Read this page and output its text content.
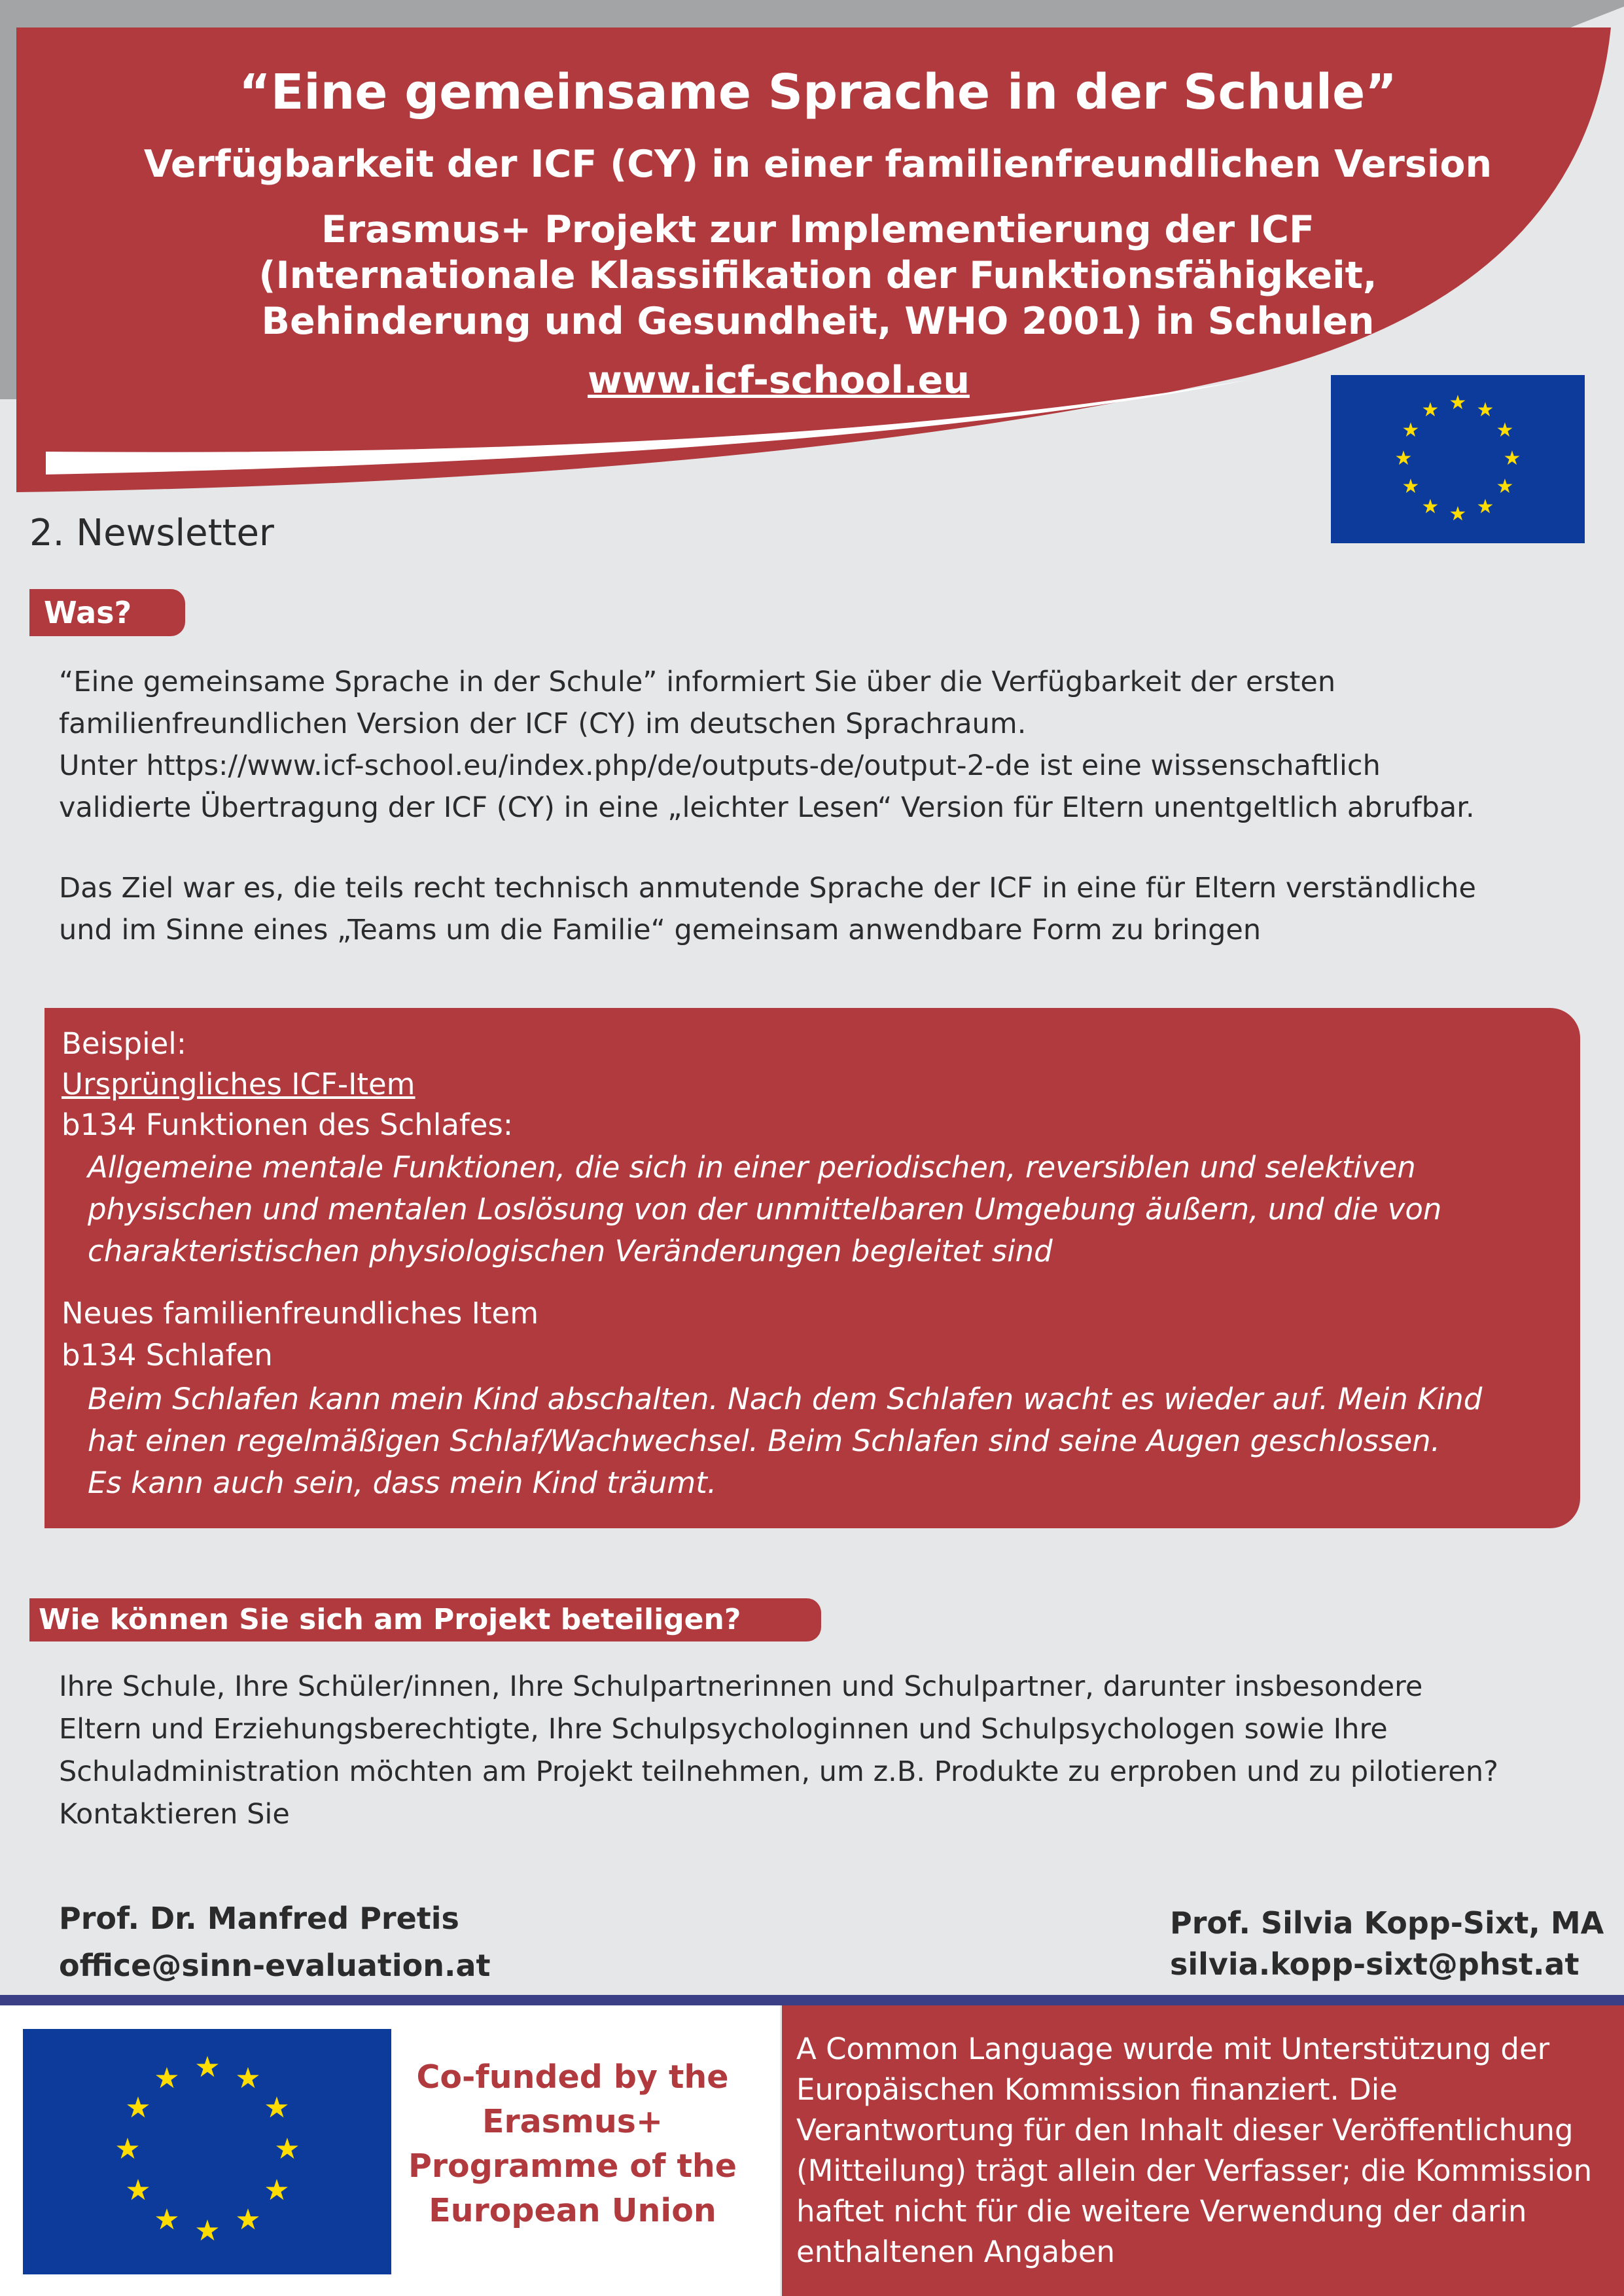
“Eine gemeinsame Sprache in der Schule”

Verfügbarkeit der ICF (CY) in einer familienfreundlichen Version

Erasmus+ Projekt zur Implementierung der ICF

(Internationale Klassifikation der Funktionsfähigkeit,

Behinderung und Gesundheit, WHO 2001) in Schulen

www.icf-school.eu

★ ★
★
★
★
★
★
★
★
★
★
★

2. Newsletter

Was?

“Eine gemeinsame Sprache in der Schule” informiert Sie über die Verfügbarkeit der ersten

familienfreundlichen Version der ICF (CY) im deutschen Sprachraum.

Unter https://www.icf-school.eu/index.php/de/outputs-de/output-2-de ist eine wissenschaftlich

validierte Übertragung der ICF (CY) in eine „leichter Lesen“ Version für Eltern unentgeltlich abrufbar.

Das Ziel war es, die teils recht technisch anmutende Sprache der ICF in eine für Eltern verständliche

und im Sinne eines „Teams um die Familie“ gemeinsam anwendbare Form zu bringen

Beispiel:

Ursprüngliches ICF-Item

b134 Funktionen des Schlafes:

Allgemeine mentale Funktionen, die sich in einer periodischen, reversiblen und selektiven

physischen und mentalen Loslösung von der unmittelbaren Umgebung äußern, und die von

charakteristischen physiologischen Veränderungen begleitet sind

Neues familienfreundliches Item

b134 Schlafen

Beim Schlafen kann mein Kind abschalten. Nach dem Schlafen wacht es wieder auf. Mein Kind

hat einen regelmäßigen Schlaf/Wachwechsel. Beim Schlafen sind seine Augen geschlossen.

Es kann auch sein, dass mein Kind träumt.

Wie können Sie sich am Projekt beteiligen?

Ihre Schule, Ihre Schüler/innen, Ihre Schulpartnerinnen und Schulpartner, darunter insbesondere

Eltern und Erziehungsberechtigte, Ihre Schulpsychologinnen und Schulpsychologen sowie Ihre

Schuladministration möchten am Projekt teilnehmen, um z.B. Produkte zu erproben und zu pilotieren?

Kontaktieren Sie

Prof. Dr. Manfred Pretis

office@sinn-evaluation.at

Prof. Silvia Kopp-Sixt, MA

silvia.kopp-sixt@phst.at

★ ★
★
★
★
★
★
★
★
★
★
★	Co-funded by the
Erasmus+
Programme of the
European Union

A Common Language wurde mit Unterstützung der
Europäischen Kommission finanziert. Die
Verantwortung für den Inhalt dieser Veröffentlichung
(Mitteilung) trägt allein der Verfasser; die Kommission
haftet nicht für die weitere Verwendung der darin
enthaltenen Angaben
